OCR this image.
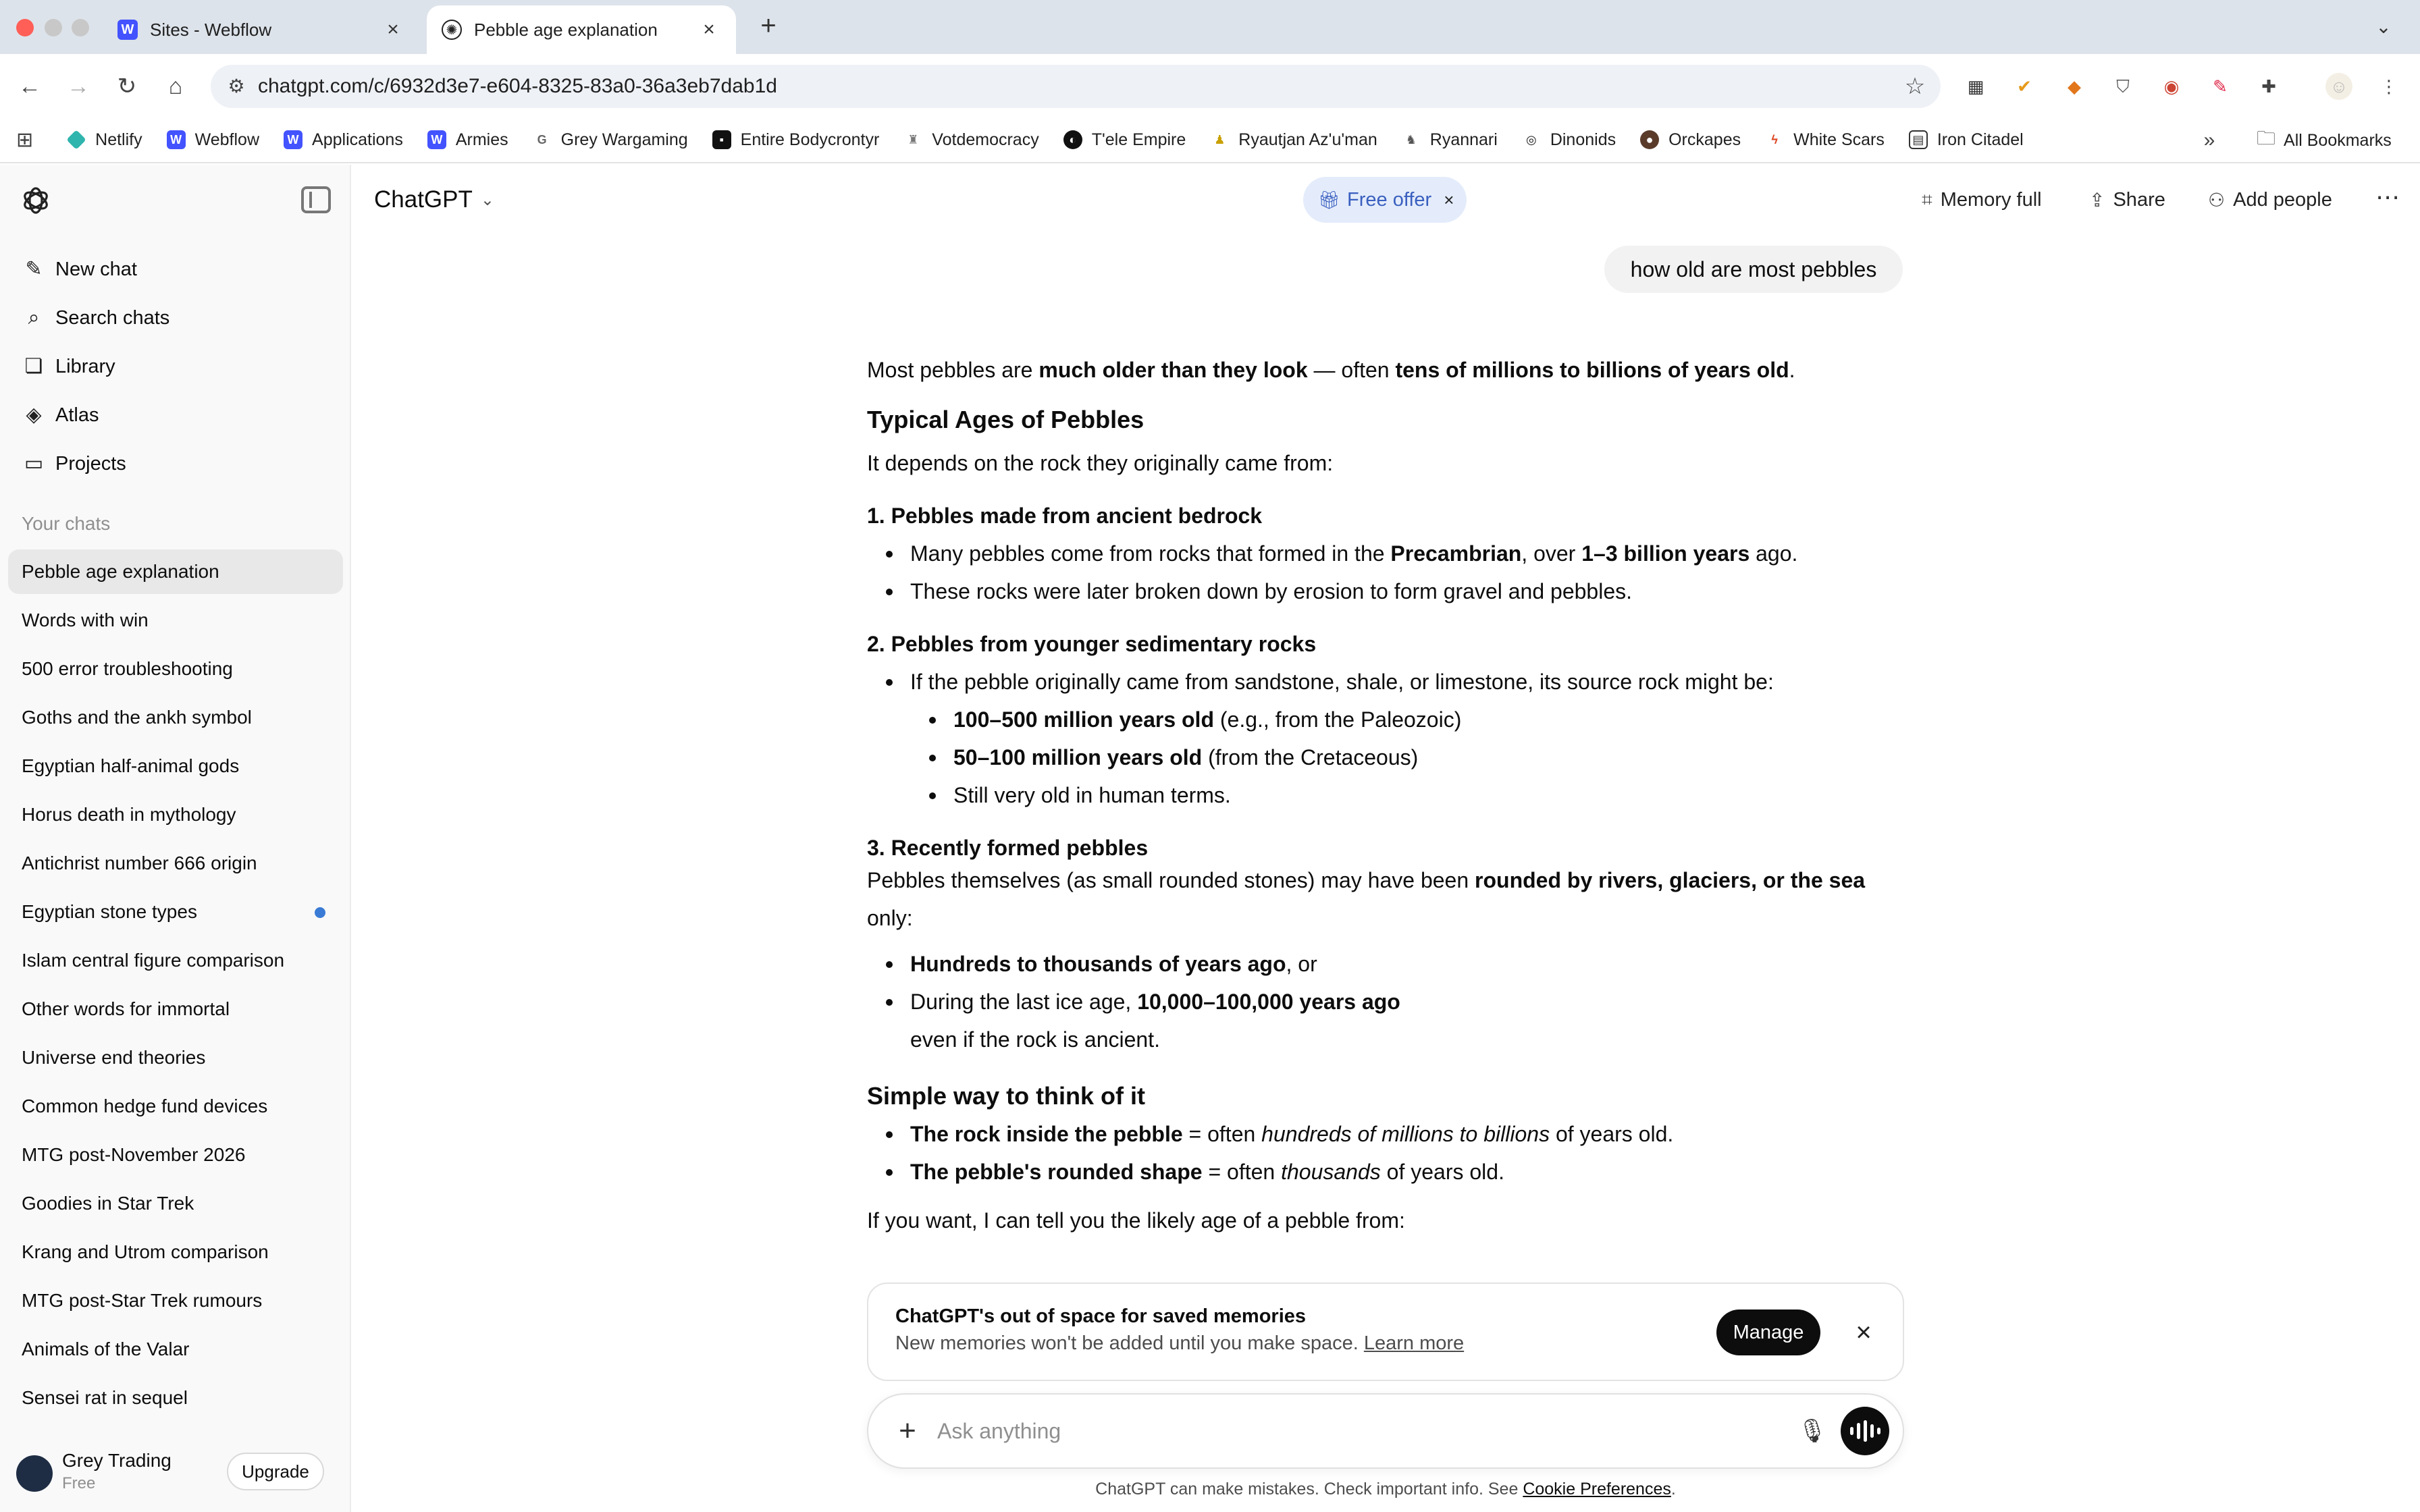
W Sites - Webflow	×	✺ Pebble age explanation	× +	⌄
← → ↻	⌂	chatgpt.com/c/6932d3e7-e604-8325-83a0-36a3eb7dab1d
⚙	☆	▦	✔	◆	⛉	◉	✎	✚	☺ ⋮
⊞	Netlify	W Webflow	W Applications	W Armies	G Grey Wargaming	▪ Entire Bodycrontyr	♜ Votdemocracy	◐ T'ele Empire	♟ Ryautjan Az'u'man	♞ Ryannari	◎ Dinonids	● Orckapes	ϟ White Scars	▤ Iron Citadel	»	🗀 All Bookmarks
✎ New chat
⌕ Search chats
❏ Library
◈ Atlas
▭ Projects
Your chats
Pebble age explanation
Words with win
500 error troubleshooting
Goths and the ankh symbol
Egyptian half-animal gods
Horus death in mythology
Antichrist number 666 origin
Egyptian stone types
Islam central figure comparison
Other words for immortal
Universe end theories
Common hedge fund devices
MTG post-November 2026
Goodies in Star Trek
Krang and Utrom comparison
MTG post-Star Trek rumours
Animals of the Valar
Sensei rat in sequel
Grey Trading
Free
Upgrade
ChatGPT ⌄	🎁︎ Free offer ×	⌗ Memory full	⇪ Share ⚇ Add people ⋯
how old are most pebbles

Most pebbles are much older than they look — often tens of millions to billions of years old.

Typical Ages of Pebbles

It depends on the rock they originally came from:

1. Pebbles made from ancient bedrock
Many pebbles come from rocks that formed in the Precambrian, over 1–3 billion years ago.
These rocks were later broken down by erosion to form gravel and pebbles.
2. Pebbles from younger sedimentary rocks
If the pebble originally came from sandstone, shale, or limestone, its source rock might be:
100–500 million years old (e.g., from the Paleozoic)
50–100 million years old (from the Cretaceous)
Still very old in human terms.
3. Recently formed pebbles

Pebbles themselves (as small rounded stones) may have been rounded by rivers, glaciers, or the sea
only:

Hundreds to thousands of years ago, or
During the last ice age, 10,000–100,000 years ago
even if the rock is ancient.
Simple way to think of it
The rock inside the pebble = often hundreds of millions to billions of years old.
The pebble's rounded shape = often thousands of years old.

If you want, I can tell you the likely age of a pebble from:

ChatGPT's out of space for saved memories
New memories won't be added until you make space. Learn more	Manage	×
+
Ask anything	🎙︎
ChatGPT can make mistakes. Check important info. See Cookie Preferences.
